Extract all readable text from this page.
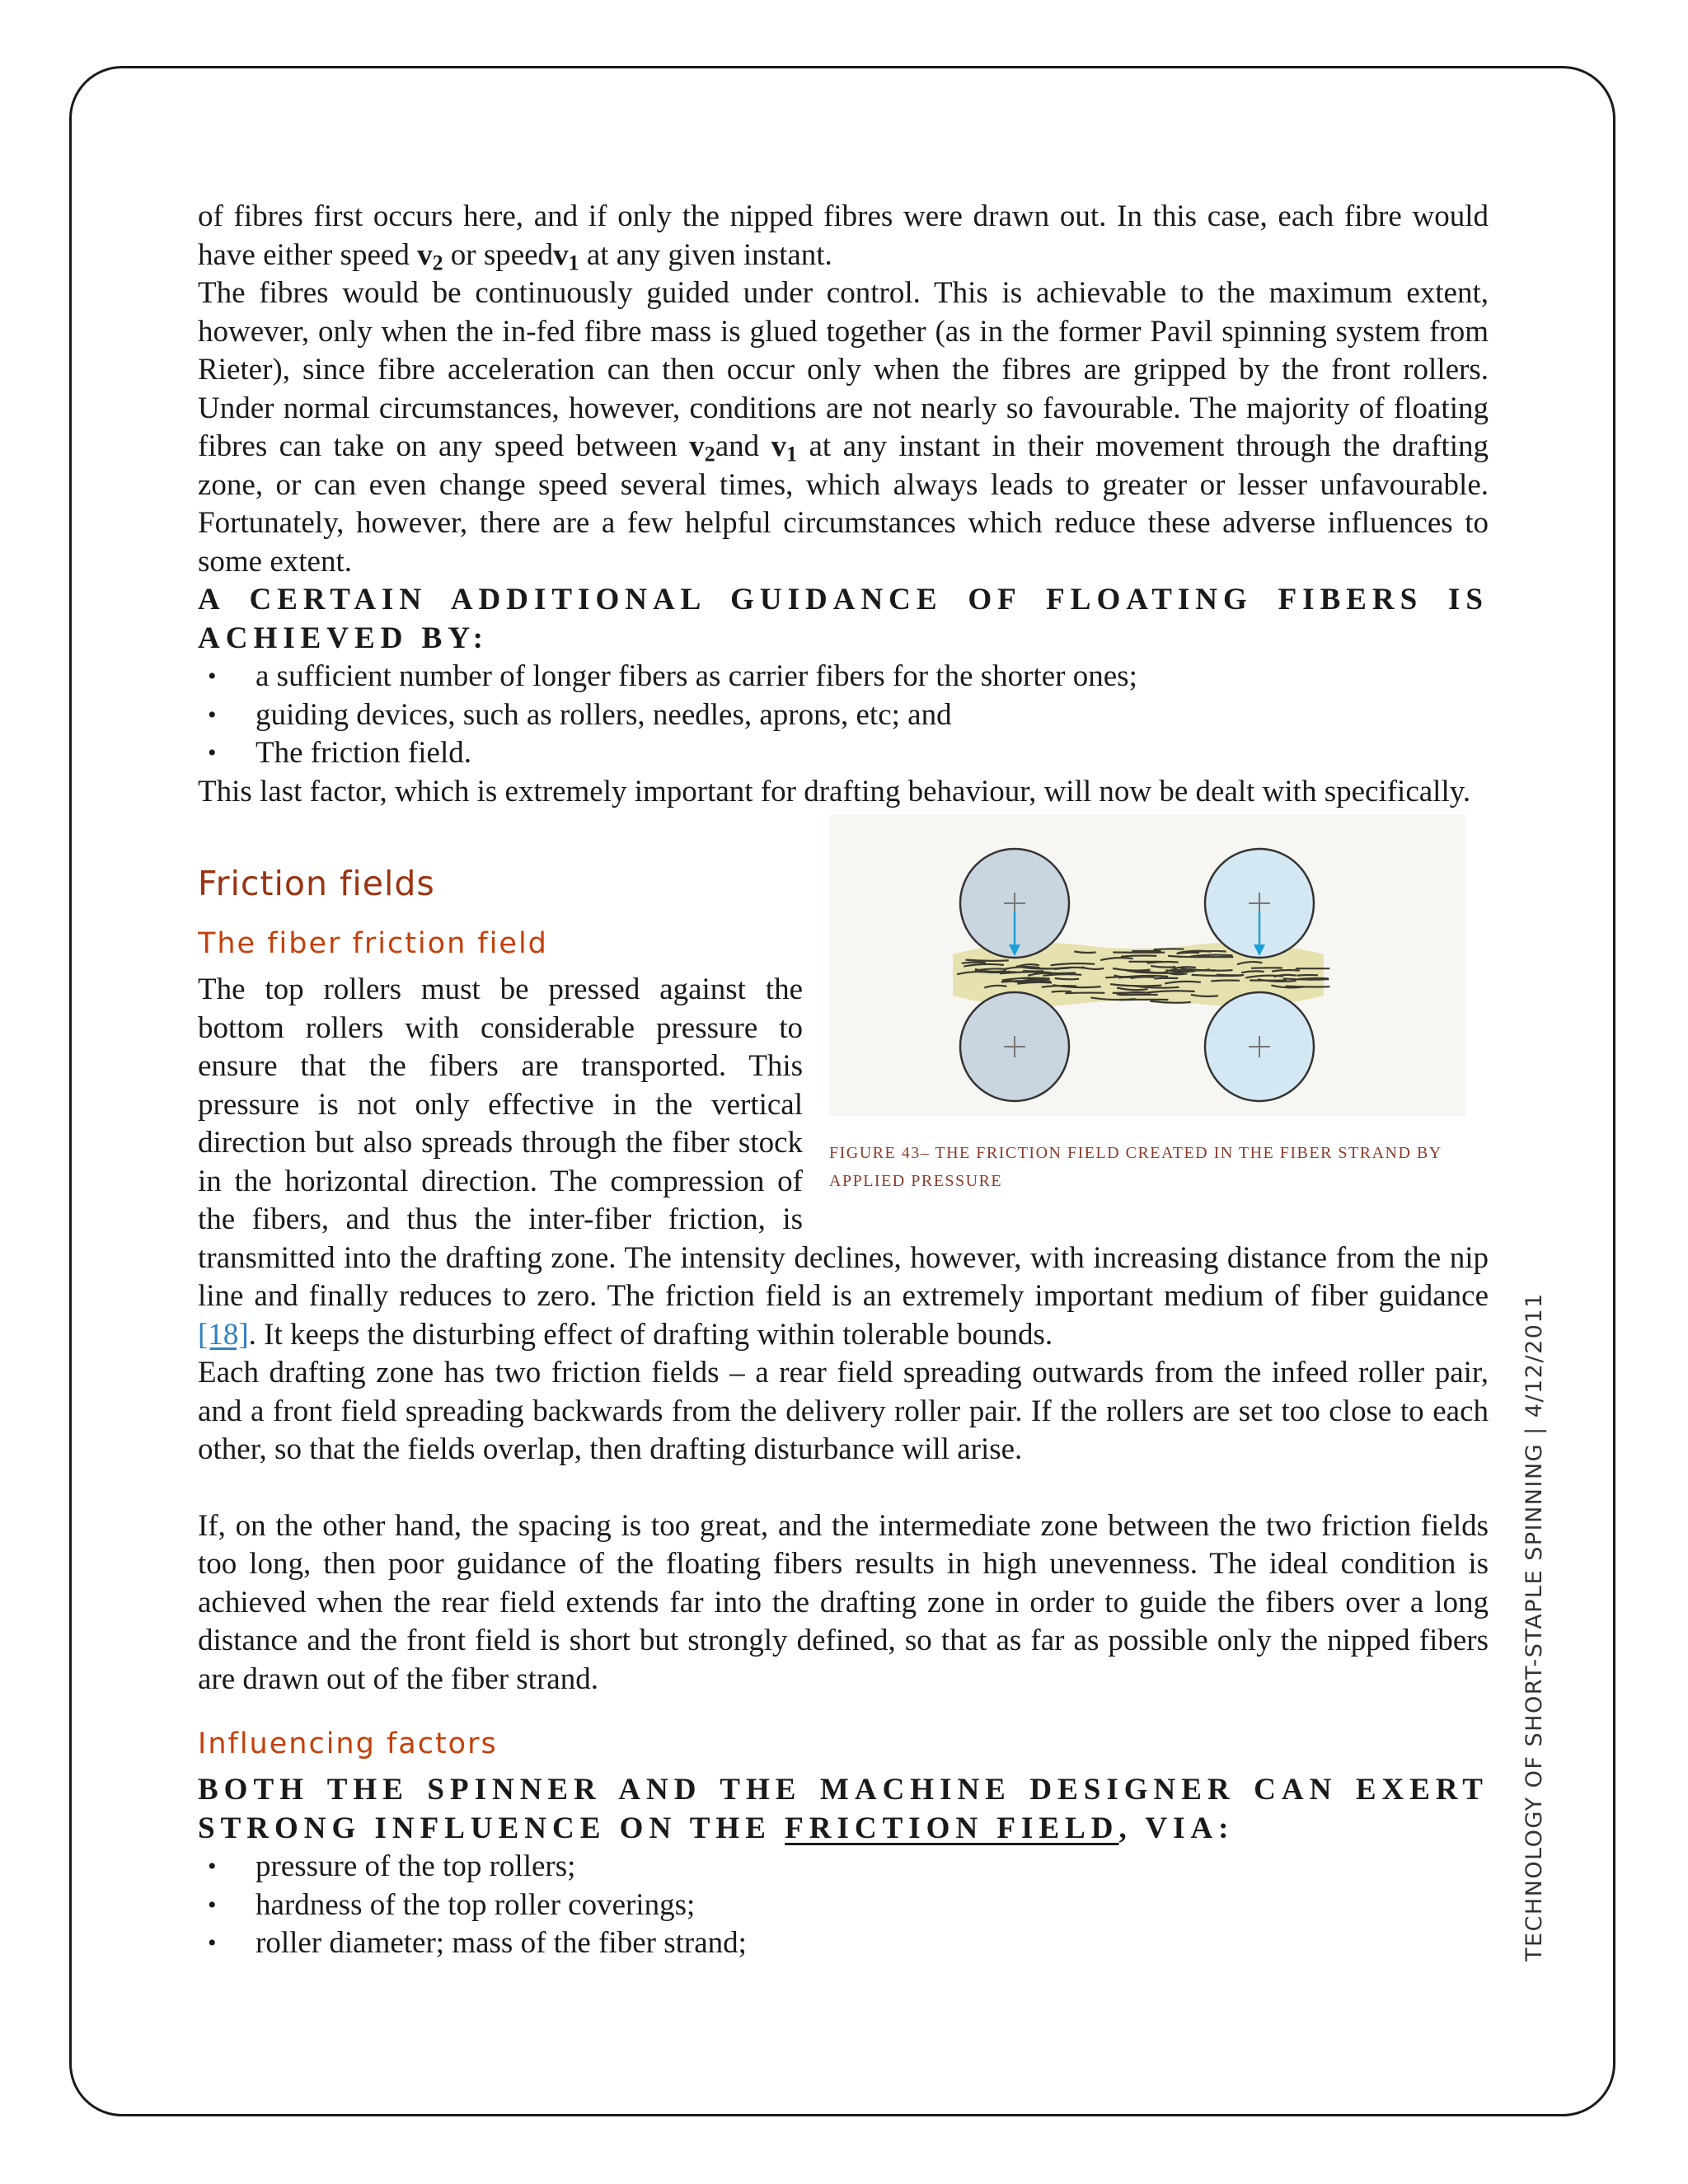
of fibres first occurs here, and if only the nipped fibres were drawn out. In this case, each fibre would have either speed $v_2$ or speedv$_1$ at any given instant.

The fibres would be continuously guided under control. This is achievable to the maximum extent, however, only when the in-fed fibre mass is glued together (as in the former Pavil spinning system from Rieter), since fibre acceleration can then occur only when the fibres are gripped by the front rollers. Under normal circumstances, however, conditions are not nearly so favourable. The majority of floating fibres can take on any speed between $v_2and$ $v_1$ at any instant in their movement through the drafting zone, or can even change speed several times, which always leads to greater or lesser unfavourable. Fortunately, however, there are a few helpful circumstances which reduce these adverse influences to some extent.

A CERTAIN ADDITIONAL GUIDANCE OF FLOATING FIBERS IS ACHIEVED BY:

• a sufficient number of longer fibers as carrier fibers for the shorter ones;
• guiding devices, such as rollers, needles, aprons, etc; and
• The friction field.

This last factor, which is extremely important for drafting behaviour, will now be dealt with specifically.

FIGURE 43– THE FRICTION FIELD CREATED IN THE FIBER STRAND BY APPLIED PRESSURE
Friction fields
The fiber friction field

The top rollers must be pressed against the bottom rollers with considerable pressure to ensure that the fibers are transported. This pressure is not only effective in the vertical direction but also spreads through the fiber stock in the horizontal direction. The compression of the fibers, and thus the inter-fiber friction, is transmitted into the drafting zone. The intensity declines, however, with increasing distance from the nip line and finally reduces to zero. The friction field is an extremely important medium of fiber guidance [18]. It keeps the disturbing effect of drafting within tolerable bounds.

Each drafting zone has two friction fields – a rear field spreading outwards from the infeed roller pair, and a front field spreading backwards from the delivery roller pair. If the rollers are set too close to each other, so that the fields overlap, then drafting disturbance will arise.

If, on the other hand, the spacing is too great, and the intermediate zone between the two friction fields too long, then poor guidance of the floating fibers results in high unevenness. The ideal condition is achieved when the rear field extends far into the drafting zone in order to guide the fibers over a long distance and the front field is short but strongly defined, so that as far as possible only the nipped fibers are drawn out of the fiber strand.

Influencing factors

BOTH THE SPINNER AND THE MACHINE DESIGNER CAN EXERT STRONG INFLUENCE ON THE FRICTION FIELD, VIA:

• pressure of the top rollers;
• hardness of the top roller coverings;
• roller diameter; mass of the fiber strand;	TECHNOLOGY OF SHORT-STAPLE SPINNING | 4/12/2011
